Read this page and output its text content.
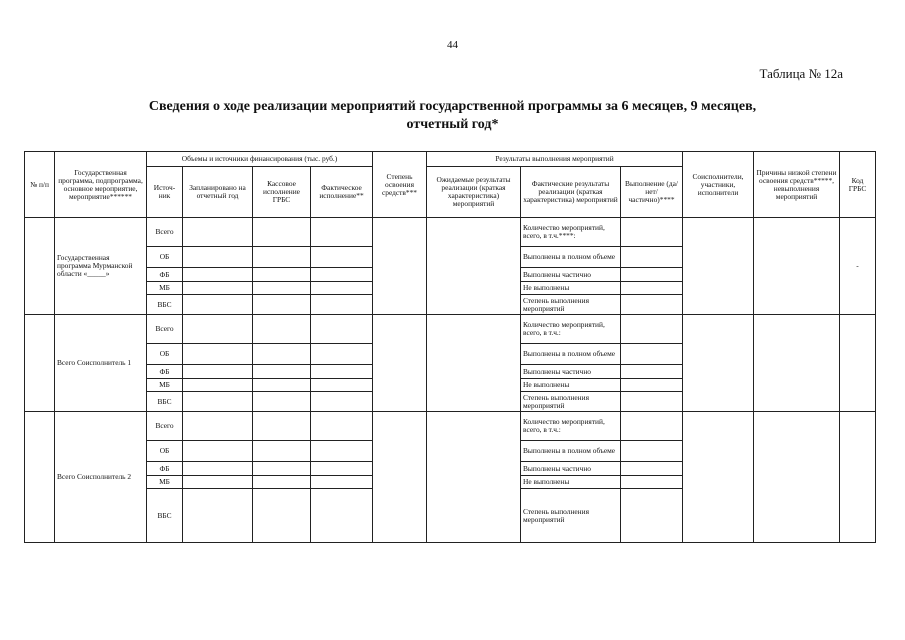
44
Таблица № 12а
Сведения о ходе реализации мероприятий государственной программы за 6 месяцев, 9 месяцев,
отчетный год*
№ п/п	Государственная программа, подпрограмма, основное мероприятие, мероприятие******	Объемы и источники финансирования (тыс. руб.)				Степень освоения средств***	Результаты выполнения мероприятий			Соисполнители, участники, исполнители	Причины низкой степени освоения средств*****, невыполнения мероприятий	Код ГРБС
		Источ-ник	Запланировано на отчетный год	Кассовое исполнение ГРБС	Фактическое исполнение**		Ожидаемые результаты реализации (краткая характеристика) мероприятий	Фактические результаты реализации (краткая характеристика) мероприятий	Выполнение (да/нет/ частично)****			
	Государственная программа Мурманской области «_____»	Всего						Количество мероприятий, всего, в т.ч.****:				-
		ОБ						Выполнены в полном объеме				
		ФБ						Выполнены частично				
		МБ						Не выполнены				
		ВБС						Степень выполнения мероприятий				
	Всего Соисполнитель 1	Всего						Количество мероприятий, всего, в т.ч.:				
		ОБ						Выполнены в полном объеме				
		ФБ						Выполнены частично				
		МБ						Не выполнены				
		ВБС						Степень выполнения мероприятий				
	Всего Соисполнитель 2	Всего						Количество мероприятий, всего, в т.ч.:				
		ОБ						Выполнены в полном объеме				
		ФБ						Выполнены частично				
		МБ						Не выполнены				
		ВБС						Степень выполнения мероприятий				
